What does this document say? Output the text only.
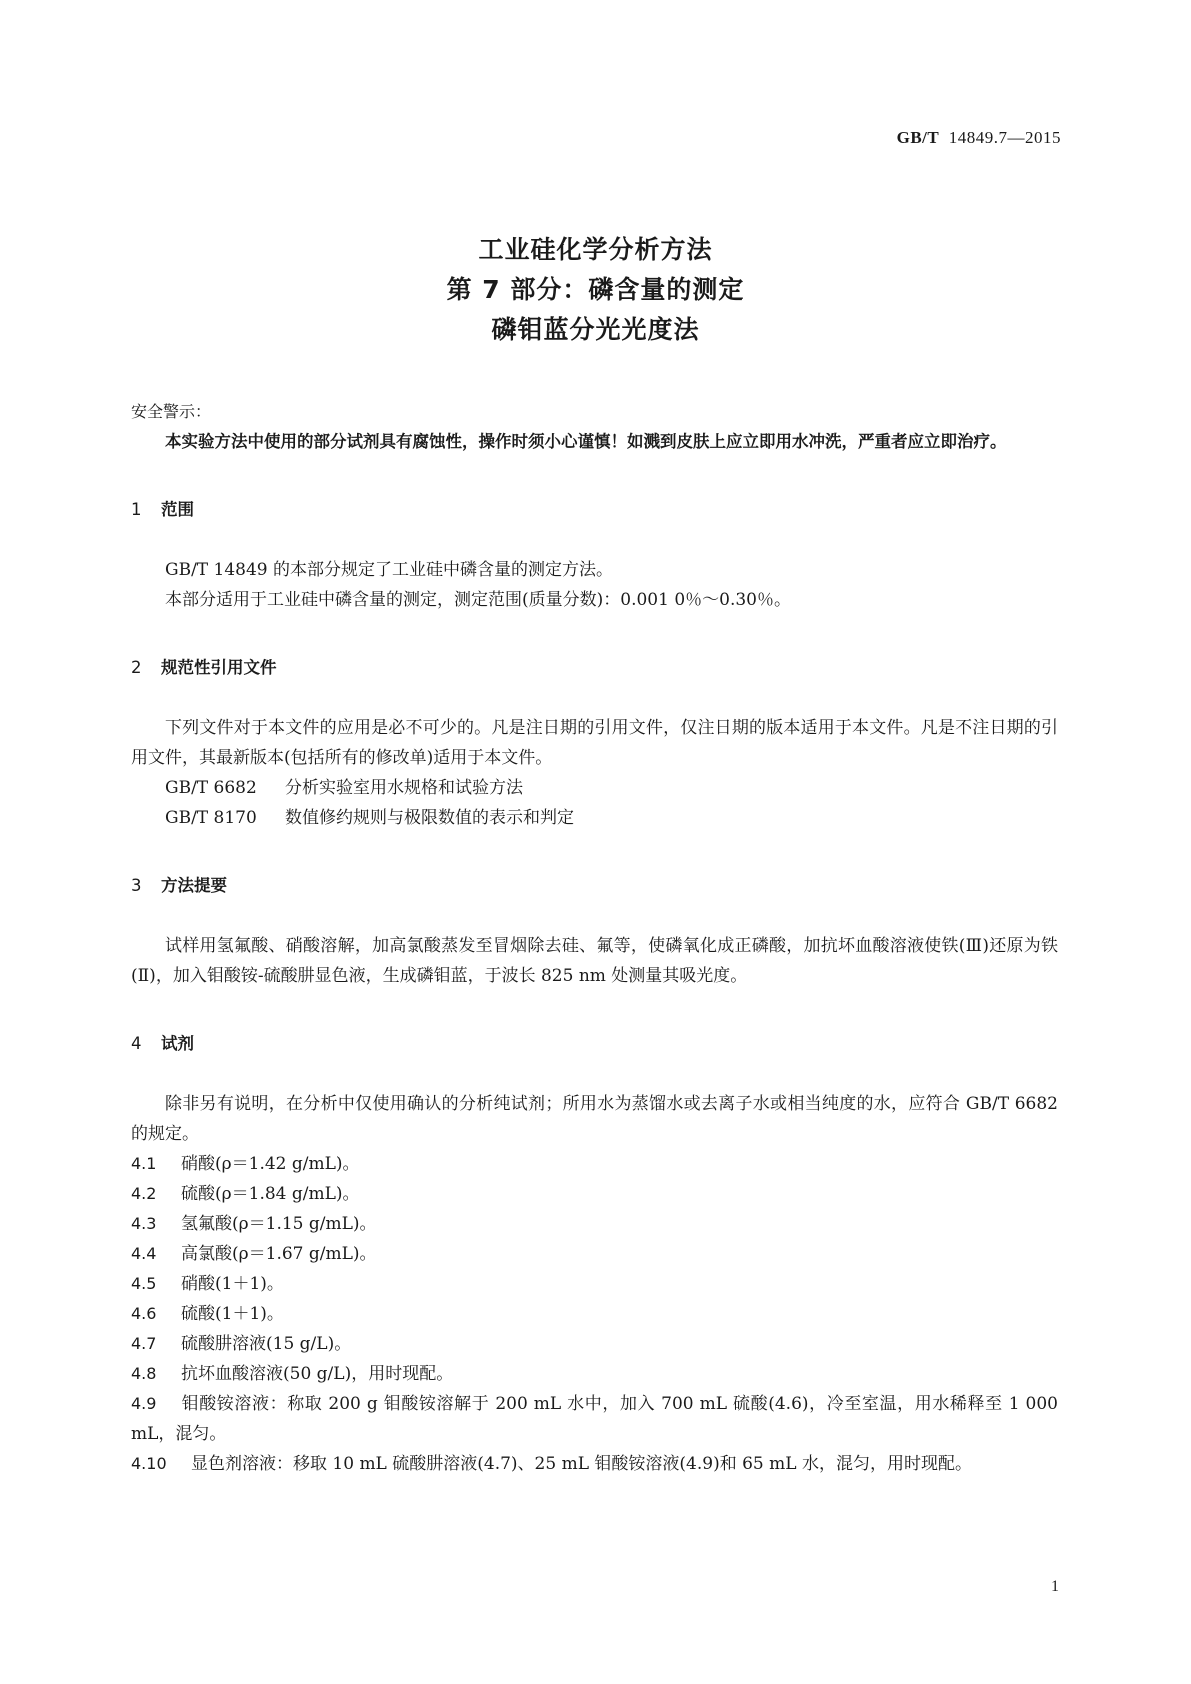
GB/T 14849.7—2015
工业硅化学分析方法
第 7 部分：磷含量的测定
磷钼蓝分光光度法

安全警示：

本实验方法中使用的部分试剂具有腐蚀性，操作时须小心谨慎！如溅到皮肤上应立即用水冲洗，严重者应立即治疗。

1 范围

GB/T 14849 的本部分规定了工业硅中磷含量的测定方法。

本部分适用于工业硅中磷含量的测定，测定范围(质量分数)：0.001 0％～0.30％。

2 规范性引用文件

下列文件对于本文件的应用是必不可少的。凡是注日期的引用文件，仅注日期的版本适用于本文件。凡是不注日期的引用文件，其最新版本(包括所有的修改单)适用于本文件。

GB/T 6682 分析实验室用水规格和试验方法
GB/T 8170 数值修约规则与极限数值的表示和判定
3 方法提要

试样用氢氟酸、硝酸溶解，加高氯酸蒸发至冒烟除去硅、氟等，使磷氧化成正磷酸，加抗坏血酸溶液使铁(Ⅲ)还原为铁(Ⅱ)，加入钼酸铵-硫酸肼显色液，生成磷钼蓝，于波长 825 nm 处测量其吸光度。

4 试剂

除非另有说明，在分析中仅使用确认的分析纯试剂；所用水为蒸馏水或去离子水或相当纯度的水，应符合 GB/T 6682 的规定。

4.1 硝酸(ρ＝1.42 g/mL)。

4.2 硫酸(ρ＝1.84 g/mL)。

4.3 氢氟酸(ρ＝1.15 g/mL)。

4.4 高氯酸(ρ＝1.67 g/mL)。

4.5 硝酸(1＋1)。

4.6 硫酸(1＋1)。

4.7 硫酸肼溶液(15 g/L)。

4.8 抗坏血酸溶液(50 g/L)，用时现配。

4.9 钼酸铵溶液：称取 200 g 钼酸铵溶解于 200 mL 水中，加入 700 mL 硫酸(4.6)，冷至室温，用水稀释至 1 000 mL，混匀。

4.10 显色剂溶液：移取 10 mL 硫酸肼溶液(4.7)、25 mL 钼酸铵溶液(4.9)和 65 mL 水，混匀，用时现配。

1
